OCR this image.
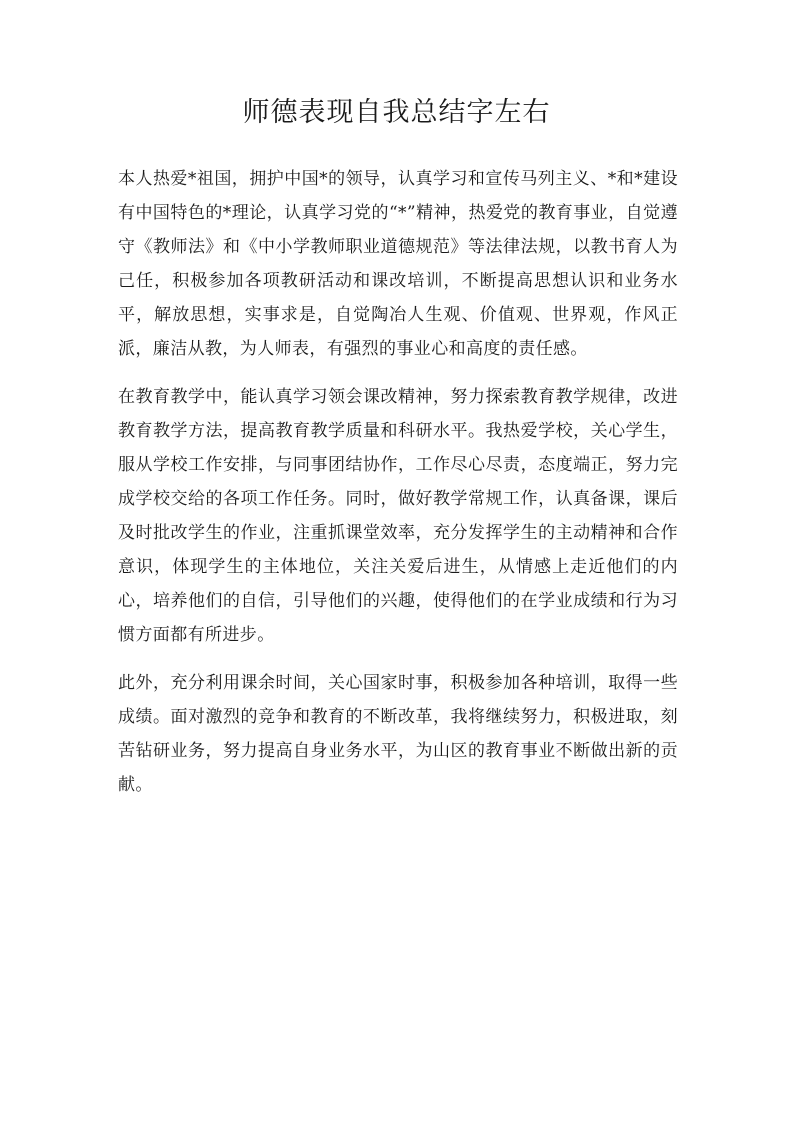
师德表现自我总结字左右

本人热爱*祖国，拥护中国*的领导，认真学习和宣传马列主义、*和*建设有中国特色的*理论，认真学习党的“*”精神，热爱党的教育事业，自觉遵守《教师法》和《中小学教师职业道德规范》等法律法规，以教书育人为己任，积极参加各项教研活动和课改培训，不断提高思想认识和业务水平，解放思想，实事求是，自觉陶冶人生观、价值观、世界观，作风正派，廉洁从教，为人师表，有强烈的事业心和高度的责任感。

在教育教学中，能认真学习领会课改精神，努力探索教育教学规律，改进教育教学方法，提高教育教学质量和科研水平。我热爱学校，关心学生，服从学校工作安排，与同事团结协作，工作尽心尽责，态度端正，努力完成学校交给的各项工作任务。同时，做好教学常规工作，认真备课，课后及时批改学生的作业，注重抓课堂效率，充分发挥学生的主动精神和合作意识，体现学生的主体地位，关注关爱后进生，从情感上走近他们的内心，培养他们的自信，引导他们的兴趣，使得他们的在学业成绩和行为习惯方面都有所进步。

此外，充分利用课余时间，关心国家时事，积极参加各种培训，取得一些成绩。面对激烈的竞争和教育的不断改革，我将继续努力，积极进取，刻苦钻研业务，努力提高自身业务水平，为山区的教育事业不断做出新的贡献。
